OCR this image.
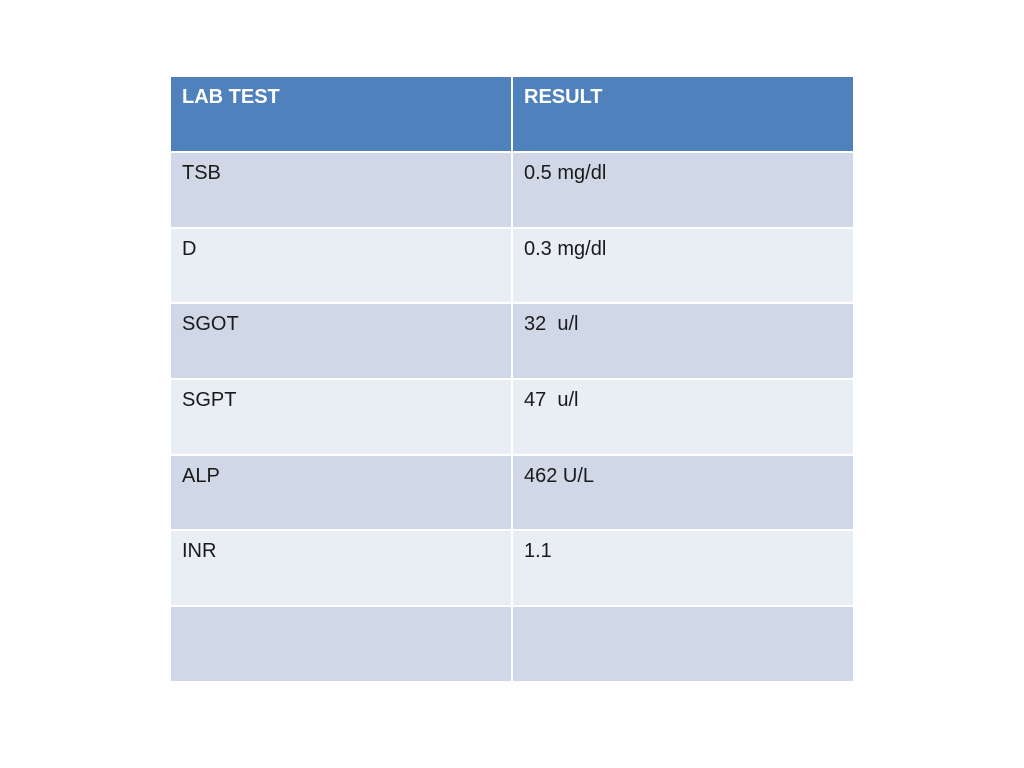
LAB TEST	RESULT
TSB	0.5 mg/dl
D	0.3 mg/dl
SGOT	32  u/l
SGPT	47  u/l
ALP	462 U/L
INR	1.1
